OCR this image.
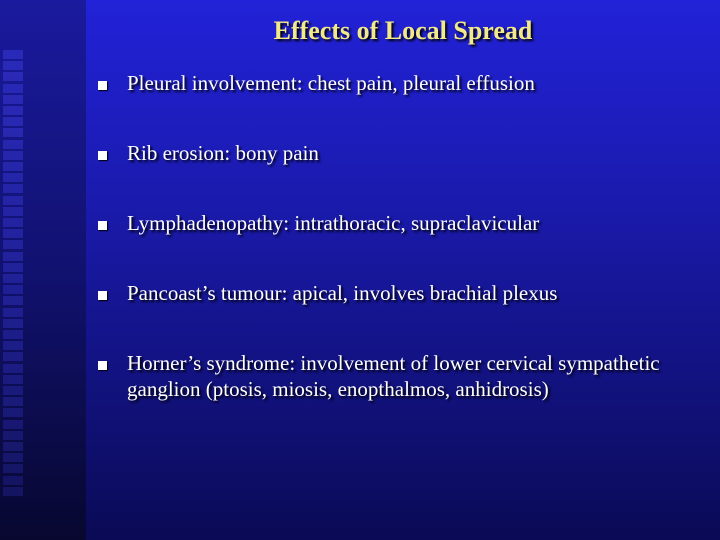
Effects of Local Spread
Pleural involvement: chest pain, pleural effusion
Rib erosion: bony pain
Lymphadenopathy: intrathoracic, supraclavicular
Pancoast’s tumour: apical, involves brachial plexus
Horner’s syndrome: involvement of lower cervical sympathetic ganglion (ptosis, miosis, enopthalmos, anhidrosis)
